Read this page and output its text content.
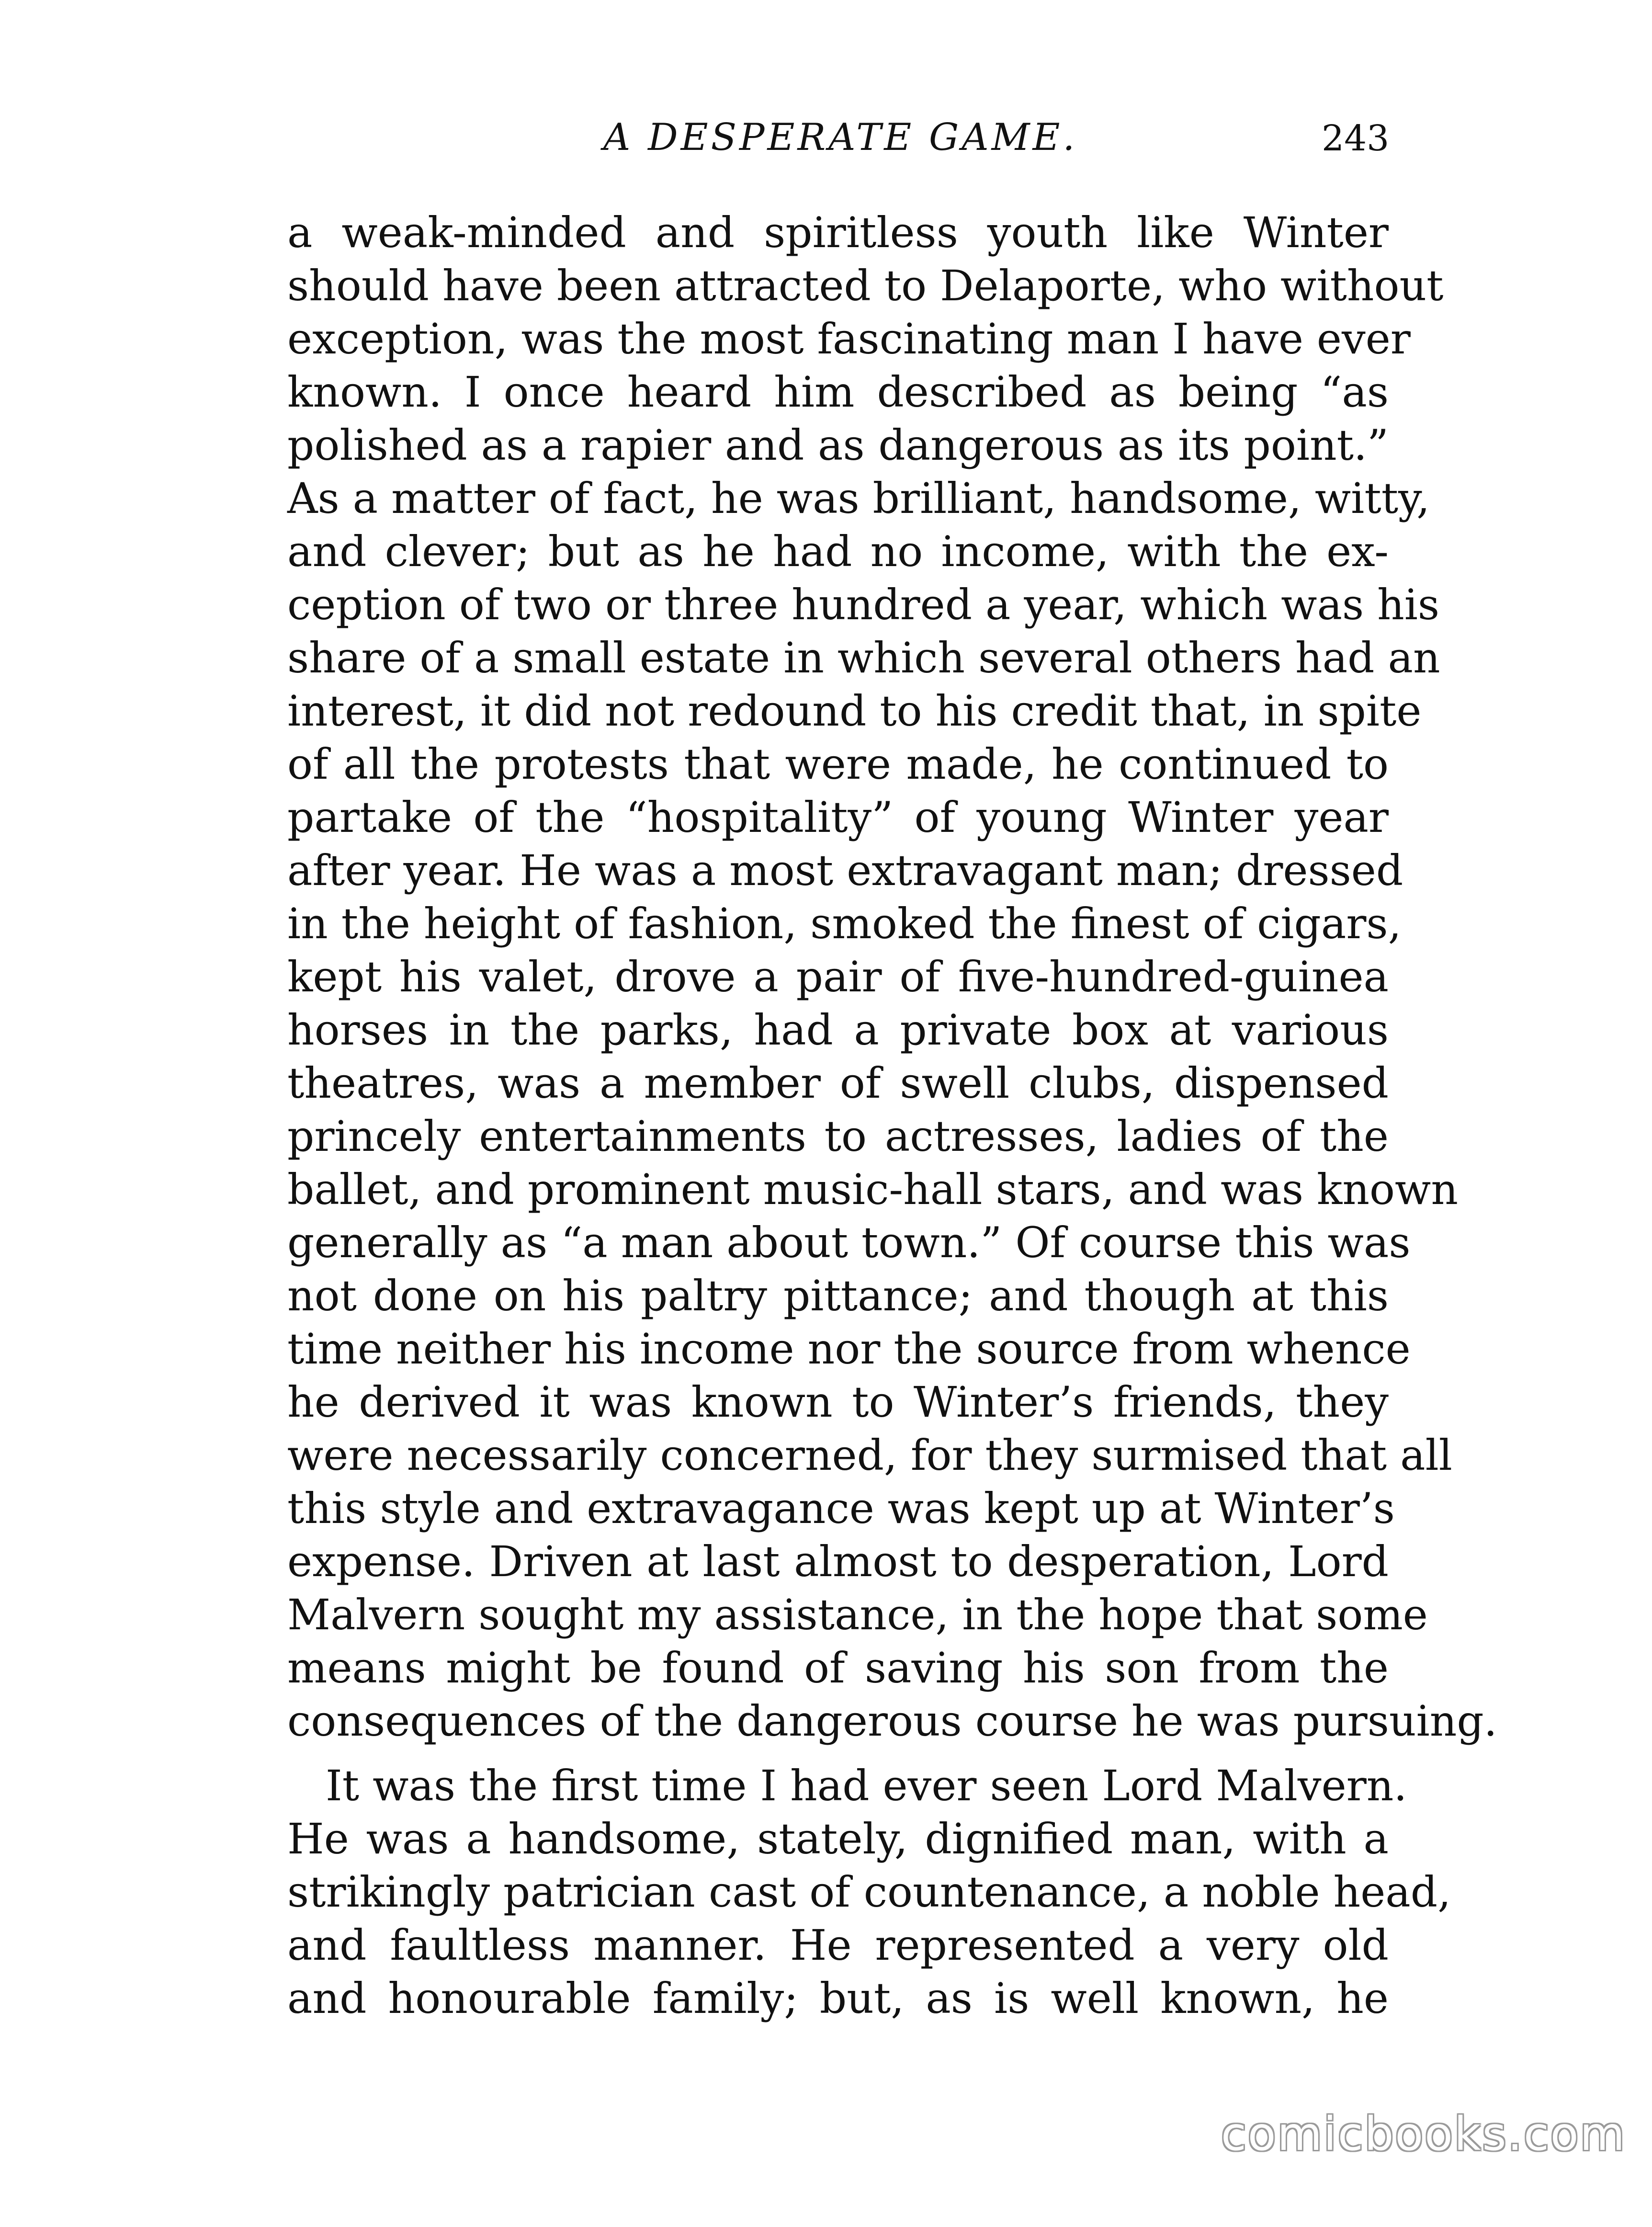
A DESPERATE GAME.	243
a weak-minded and spiritless youth like Winter
should have been attracted to Delaporte, who without
exception, was the most fascinating man I have ever
known. I once heard him described as being “as
polished as a rapier and as dangerous as its point.”
As a matter of fact, he was brilliant, handsome, witty,
and clever; but as he had no income, with the ex-
ception of two or three hundred a year, which was his
share of a small estate in which several others had an
interest, it did not redound to his credit that, in spite
of all the protests that were made, he continued to
partake of the “hospitality” of young Winter year
after year. He was a most extravagant man; dressed
in the height of fashion, smoked the finest of cigars,
kept his valet, drove a pair of five-hundred-guinea
horses in the parks, had a private box at various
theatres, was a member of swell clubs, dispensed
princely entertainments to actresses, ladies of the
ballet, and prominent music-hall stars, and was known
generally as “a man about town.” Of course this was
not done on his paltry pittance; and though at this
time neither his income nor the source from whence
he derived it was known to Winter’s friends, they
were necessarily concerned, for they surmised that all
this style and extravagance was kept up at Winter’s
expense. Driven at last almost to desperation, Lord
Malvern sought my assistance, in the hope that some
means might be found of saving his son from the
consequences of the dangerous course he was pursuing.
It was the first time I had ever seen Lord Malvern.
He was a handsome, stately, dignified man, with a
strikingly patrician cast of countenance, a noble head,
and faultless manner. He represented a very old
and honourable family; but, as is well known, he
comicbooks.com
